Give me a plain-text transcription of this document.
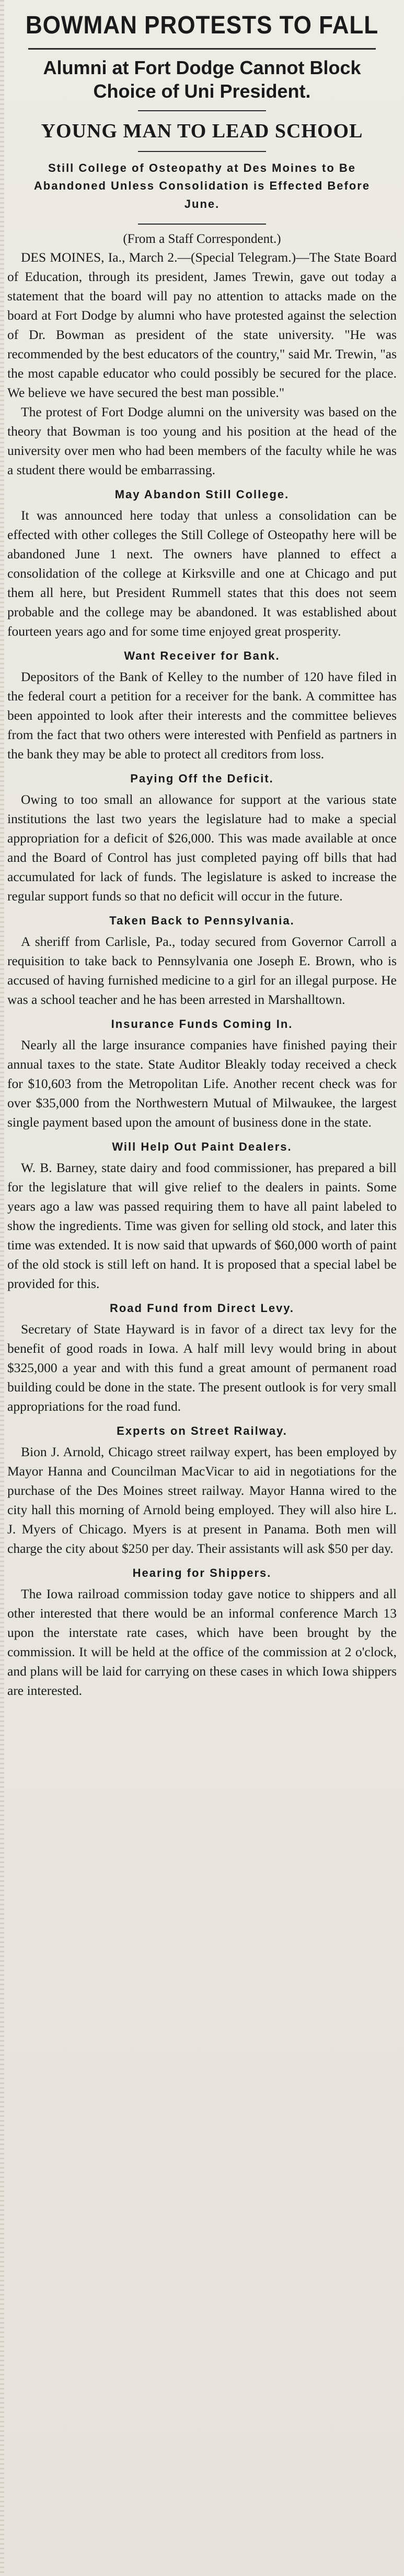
BOWMAN PROTESTS TO FALL
Alumni at Fort Dodge Cannot Block Choice of Uni President.
YOUNG MAN TO LEAD SCHOOL
Still College of Osteopathy at Des Moines to Be Abandoned Unless Consolidation is Effected Before June.
(From a Staff Correspondent.)

DES MOINES, Ia., March 2.—(Special Telegram.)—The State Board of Education, through its president, James Trewin, gave out today a statement that the board will pay no attention to attacks made on the board at Fort Dodge by alumni who have protested against the selection of Dr. Bowman as president of the state university. "He was recommended by the best educators of the country," said Mr. Trewin, "as the most capable educator who could possibly be secured for the place. We believe we have secured the best man possible."

The protest of Fort Dodge alumni on the university was based on the theory that Bowman is too young and his position at the head of the university over men who had been members of the faculty while he was a student there would be embarrassing.

May Abandon Still College.

It was announced here today that unless a consolidation can be effected with other colleges the Still College of Osteopathy here will be abandoned June 1 next. The owners have planned to effect a consolidation of the college at Kirksville and one at Chicago and put them all here, but President Rummell states that this does not seem probable and the college may be abandoned. It was established about fourteen years ago and for some time enjoyed great prosperity.

Want Receiver for Bank.

Depositors of the Bank of Kelley to the number of 120 have filed in the federal court a petition for a receiver for the bank. A committee has been appointed to look after their interests and the committee believes from the fact that two others were interested with Penfield as partners in the bank they may be able to protect all creditors from loss.

Paying Off the Deficit.

Owing to too small an allowance for support at the various state institutions the last two years the legislature had to make a special appropriation for a deficit of $26,000. This was made available at once and the Board of Control has just completed paying off bills that had accumulated for lack of funds. The legislature is asked to increase the regular support funds so that no deficit will occur in the future.

Taken Back to Pennsylvania.

A sheriff from Carlisle, Pa., today secured from Governor Carroll a requisition to take back to Pennsylvania one Joseph E. Brown, who is accused of having furnished medicine to a girl for an illegal purpose. He was a school teacher and he has been arrested in Marshalltown.

Insurance Funds Coming In.

Nearly all the large insurance companies have finished paying their annual taxes to the state. State Auditor Bleakly today received a check for $10,603 from the Metropolitan Life. Another recent check was for over $35,000 from the Northwestern Mutual of Milwaukee, the largest single payment based upon the amount of business done in the state.

Will Help Out Paint Dealers.

W. B. Barney, state dairy and food commissioner, has prepared a bill for the legislature that will give relief to the dealers in paints. Some years ago a law was passed requiring them to have all paint labeled to show the ingredients. Time was given for selling old stock, and later this time was extended. It is now said that upwards of $60,000 worth of paint of the old stock is still left on hand. It is proposed that a special label be provided for this.

Road Fund from Direct Levy.

Secretary of State Hayward is in favor of a direct tax levy for the benefit of good roads in Iowa. A half mill levy would bring in about $325,000 a year and with this fund a great amount of permanent road building could be done in the state. The present outlook is for very small appropriations for the road fund.

Experts on Street Railway.

Bion J. Arnold, Chicago street railway expert, has been employed by Mayor Hanna and Councilman MacVicar to aid in negotiations for the purchase of the Des Moines street railway. Mayor Hanna wired to the city hall this morning of Arnold being employed. They will also hire L. J. Myers of Chicago. Myers is at present in Panama. Both men will charge the city about $250 per day. Their assistants will ask $50 per day.

Hearing for Shippers.

The Iowa railroad commission today gave notice to shippers and all other interested that there would be an informal conference March 13 upon the interstate rate cases, which have been brought by the commission. It will be held at the office of the commission at 2 o'clock, and plans will be laid for carrying on these cases in which Iowa shippers are interested.
